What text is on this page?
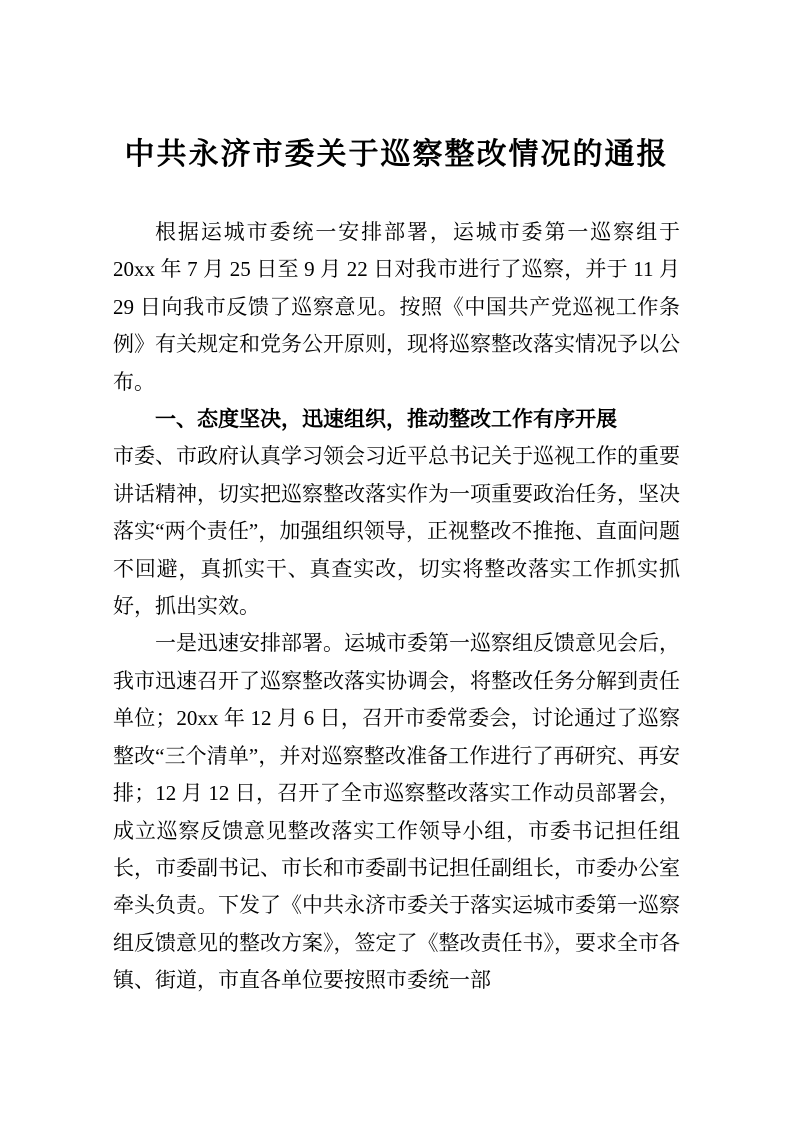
中共永济市委关于巡察整改情况的通报

根据运城市委统一安排部署，运城市委第一巡察组于 20xx 年 7 月 25 日至 9 月 22 日对我市进行了巡察，并于 11 月 29 日向我市反馈了巡察意见。按照《中国共产党巡视工作条例》有关规定和党务公开原则，现将巡察整改落实情况予以公布。

一、态度坚决，迅速组织，推动整改工作有序开展

市委、市政府认真学习领会习近平总书记关于巡视工作的重要讲话精神，切实把巡察整改落实作为一项重要政治任务，坚决落实“两个责任”，加强组织领导，正视整改不推拖、直面问题不回避，真抓实干、真查实改，切实将整改落实工作抓实抓好，抓出实效。

一是迅速安排部署。运城市委第一巡察组反馈意见会后，我市迅速召开了巡察整改落实协调会，将整改任务分解到责任单位；20xx 年 12 月 6 日，召开市委常委会，讨论通过了巡察整改“三个清单”，并对巡察整改准备工作进行了再研究、再安排；12 月 12 日，召开了全市巡察整改落实工作动员部署会，成立巡察反馈意见整改落实工作领导小组，市委书记担任组长，市委副书记、市长和市委副书记担任副组长，市委办公室牵头负责。下发了《中共永济市委关于落实运城市委第一巡察组反馈意见的整改方案》，签定了《整改责任书》，要求全市各镇、街道，市直各单位要按照市委统一部
